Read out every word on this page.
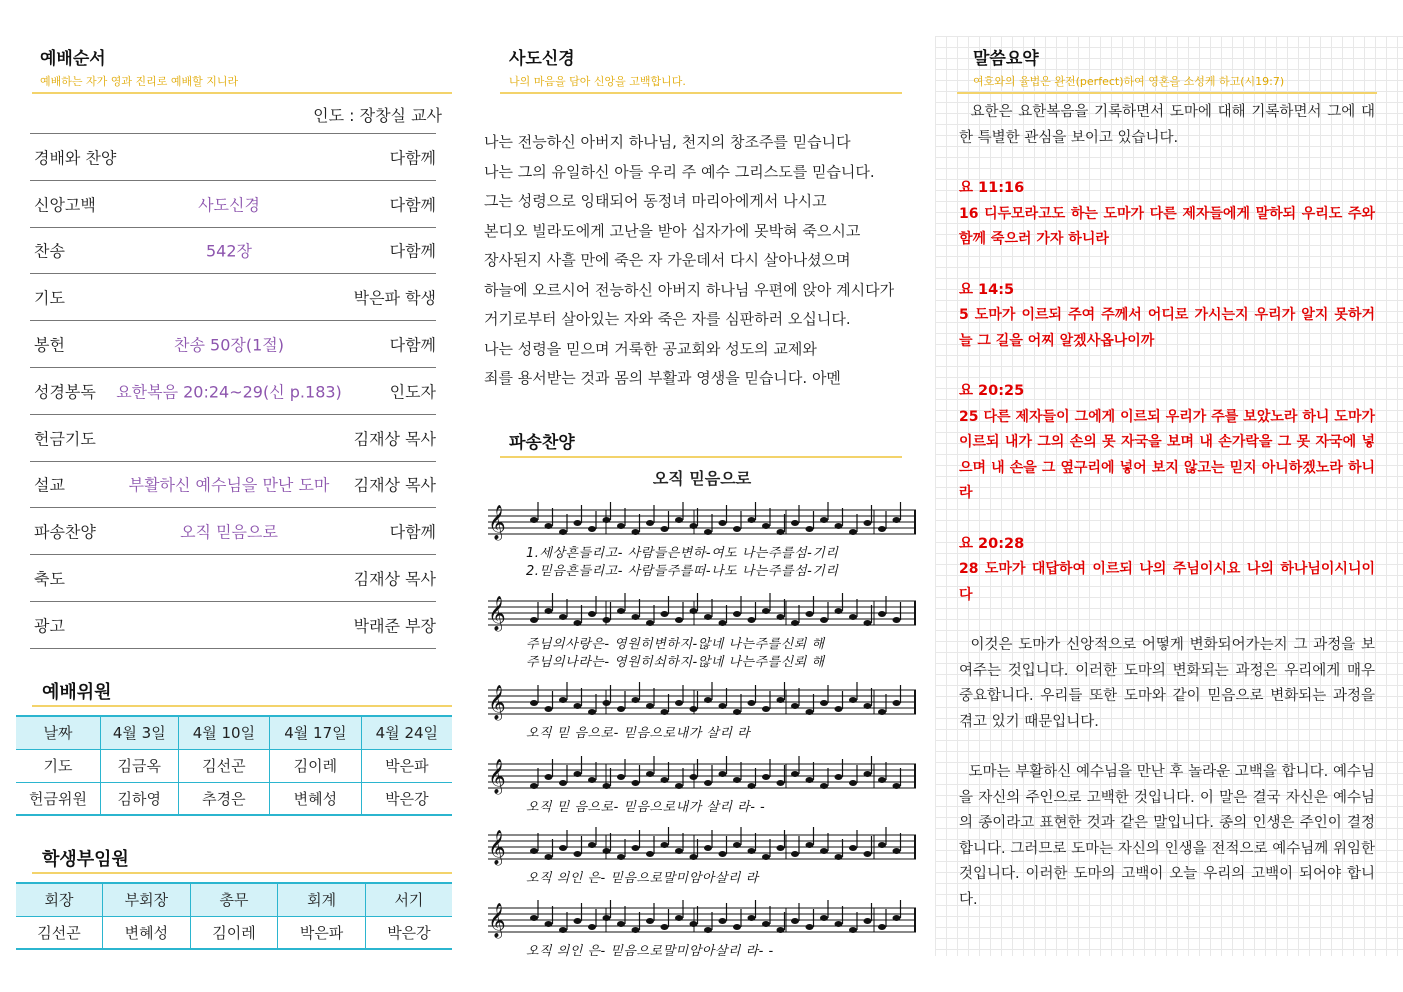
예배순서
예배하는 자가 영과 진리로 예배할 지니라
인도 : 장창실 교사
경배와 찬양	다함께
신앙고백	사도신경	다함께
찬송	542장	다함께
기도	박은파 학생
봉헌	찬송 50장(1절)	다함께
성경봉독	요한복음 20:24~29(신 p.183)	인도자
헌금기도	김재상 목사
설교	부활하신 예수님을 만난 도마	김재상 목사
파송찬양	오직 믿음으로	다함께
축도	김재상 목사
광고	박래준 부장
예배위원
날짜	4월 3일	4월 10일	4월 17일	4월 24일
기도	김금옥	김선곤	김이레	박은파
헌금위원	김하영	추경은	변혜성	박은강
학생부임원
회장	부회장	총무	회계	서기
김선곤	변혜성	김이레	박은파	박은강
사도신경
나의 마음을 담아 신앙을 고백합니다.
나는 전능하신 아버지 하나님, 천지의 창조주를 믿습니다
나는 그의 유일하신 아들 우리 주 예수 그리스도를 믿습니다.
그는 성령으로 잉태되어 동정녀 마리아에게서 나시고
본디오 빌라도에게 고난을 받아 십자가에 못박혀 죽으시고
장사된지 사흘 만에 죽은 자 가운데서 다시 살아나셨으며
하늘에 오르시어 전능하신 아버지 하나님 우편에 앉아 계시다가
거기로부터 살아있는 자와 죽은 자를 심판하러 오십니다.
나는 성령을 믿으며 거룩한 공교회와 성도의 교제와
죄를 용서받는 것과 몸의 부활과 영생을 믿습니다. 아멘
파송찬양
오직 믿음으로
𝄞
1.세상흔들리고- 사람들은변하-여도 나는주를섬-기리
2.믿음흔들리고- 사람들주를떠-나도 나는주를섬-기리
𝄞
주님의사랑은- 영원히변하지-않네 나는주를신뢰 해
주님의나라는- 영원히쇠하지-않네 나는주를신뢰 해
𝄞
오직 믿 음으로- 믿음으로내가 살리 라
𝄞
오직 믿 음으로- 믿음으로내가 살리 라- -
𝄞
오직 의인 은- 믿음으로말미암아살리 라
𝄞
오직 의인 은- 믿음으로말미암아살리 라- -
말씀요약
여호와의 율법은 완전(perfect)하여 영혼을 소성케 하고(시19:7)

요한은 요한복음을 기록하면서 도마에 대해 기록하면서 그에 대한 특별한 관심을 보이고 있습니다.

요 11:16
16 디두모라고도 하는 도마가 다른 제자들에게 말하되 우리도 주와 함께 죽으러 가자 하니라
요 14:5
5 도마가 이르되 주여 주께서 어디로 가시는지 우리가 알지 못하거늘 그 길을 어찌 알겠사옵나이까
요 20:25
25 다른 제자들이 그에게 이르되 우리가 주를 보았노라 하니 도마가 이르되 내가 그의 손의 못 자국을 보며 내 손가락을 그 못 자국에 넣으며 내 손을 그 옆구리에 넣어 보지 않고는 믿지 아니하겠노라 하니라
요 20:28
28 도마가 대답하여 이르되 나의 주님이시요 나의 하나님이시니이다

이것은 도마가 신앙적으로 어떻게 변화되어가는지 그 과정을 보여주는 것입니다. 이러한 도마의 변화되는 과정은 우리에게 매우 중요합니다. 우리들 또한 도마와 같이 믿음으로 변화되는 과정을 겪고 있기 때문입니다.

도마는 부활하신 예수님을 만난 후 놀라운 고백을 합니다. 예수님을 자신의 주인으로 고백한 것입니다. 이 말은 결국 자신은 예수님의 종이라고 표현한 것과 같은 말입니다. 종의 인생은 주인이 결정합니다. 그러므로 도마는 자신의 인생을 전적으로 예수님께 위임한 것입니다. 이러한 도마의 고백이 오늘 우리의 고백이 되어야 합니다.
